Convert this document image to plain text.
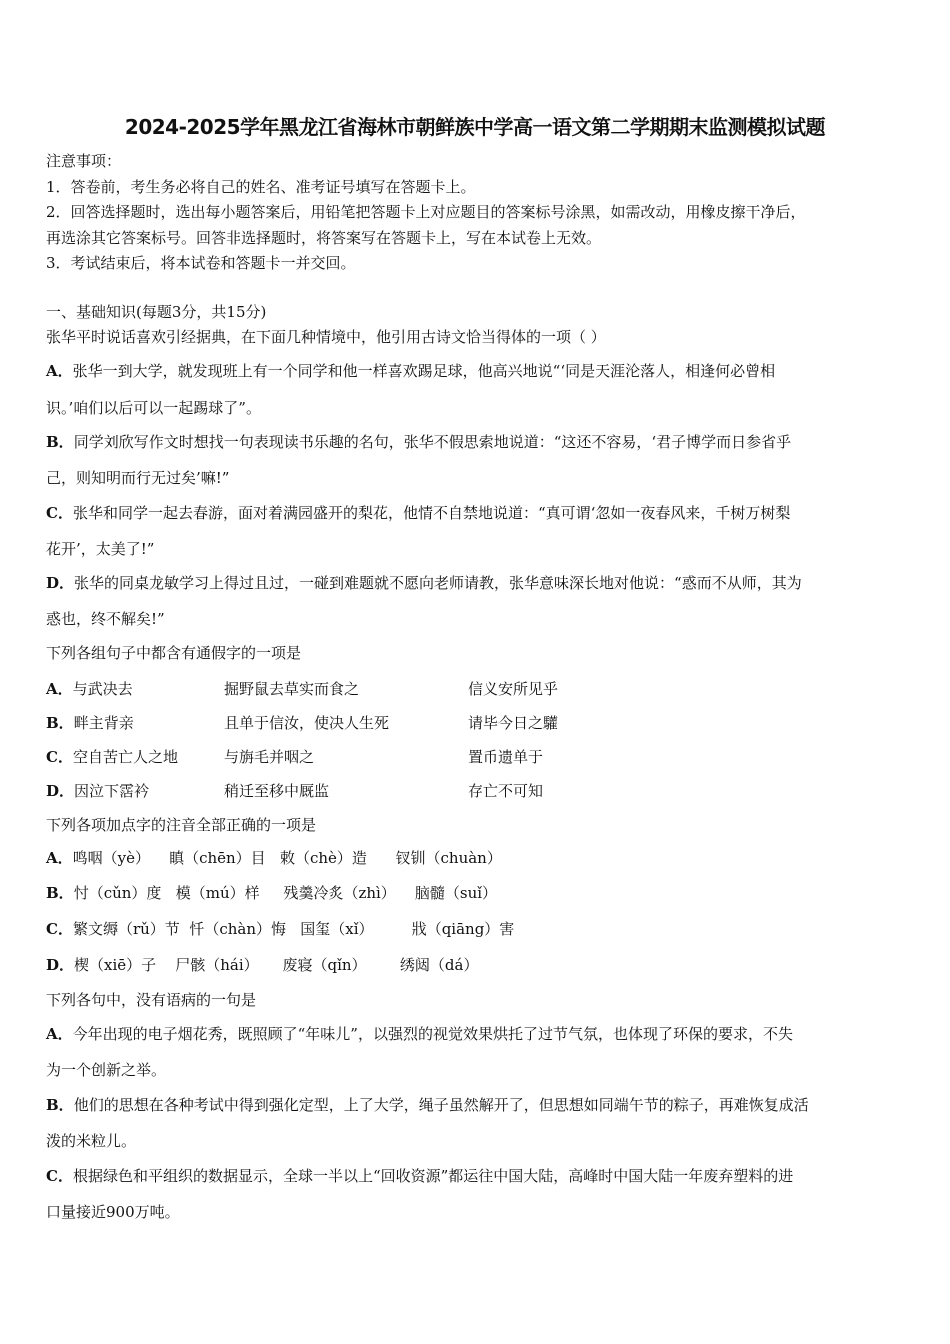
2024-2025学年黑龙江省海林市朝鲜族中学高一语文第二学期期末监测模拟试题
注意事项：
1．答卷前，考生务必将自己的姓名、准考证号填写在答题卡上。
2．回答选择题时，选出每小题答案后，用铅笔把答题卡上对应题目的答案标号涂黑，如需改动，用橡皮擦干净后，
再选涂其它答案标号。回答非选择题时，将答案写在答题卡上，写在本试卷上无效。
3．考试结束后，将本试卷和答题卡一并交回。
一、基础知识(每题3分，共15分)
张华平时说话喜欢引经据典，在下面几种情境中，他引用古诗文恰当得体的一项（ ）
A．张华一到大学，就发现班上有一个同学和他一样喜欢踢足球，他高兴地说“‘同是天涯沦落人，相逢何必曾相
识。’咱们以后可以一起踢球了”。
B．同学刘欣写作文时想找一句表现读书乐趣的名句，张华不假思索地说道：“这还不容易，‘君子博学而日参省乎
己，则知明而行无过矣’嘛!”
C．张华和同学一起去春游，面对着满园盛开的梨花，他情不自禁地说道：“真可谓‘忽如一夜春风来，千树万树梨
花开’，太美了!”
D．张华的同桌龙敏学习上得过且过，一碰到难题就不愿向老师请教，张华意味深长地对他说：“惑而不从师，其为
惑也，终不解矣!”
下列各组句子中都含有通假字的一项是
A．与武决去	掘野鼠去草实而食之	信义安所见乎
B．畔主背亲	且单于信汝，使决人生死	请毕今日之驩
C．空自苦亡人之地	与旃毛并咽之	置币遗单于
D．因泣下霑衿	稍迁至移中厩监	存亡不可知
下列各项加点字的注音全部正确的一项是
A．鸣咽（yè）    瞋（chēn）目   敕（chè）造      钗钏（chuàn）
B．忖（cǔn）度   模（mú）样     残羹冷炙（zhì）    脑髓（suǐ）
C．繁文缛（rǔ）节  忏（chàn）悔   国玺（xǐ）        戕（qiāng）害
D．楔（xiē）子    尸骸（hái）     废寝（qǐn）       绣闼（dá）
下列各句中，没有语病的一句是
A．今年出现的电子烟花秀，既照顾了“年味儿”，以强烈的视觉效果烘托了过节气氛，也体现了环保的要求，不失
为一个创新之举。
B．他们的思想在各种考试中得到强化定型，上了大学，绳子虽然解开了，但思想如同端午节的粽子，再难恢复成活
泼的米粒儿。
C．根据绿色和平组织的数据显示，全球一半以上“回收资源”都运往中国大陆，高峰时中国大陆一年废弃塑料的进
口量接近900万吨。
